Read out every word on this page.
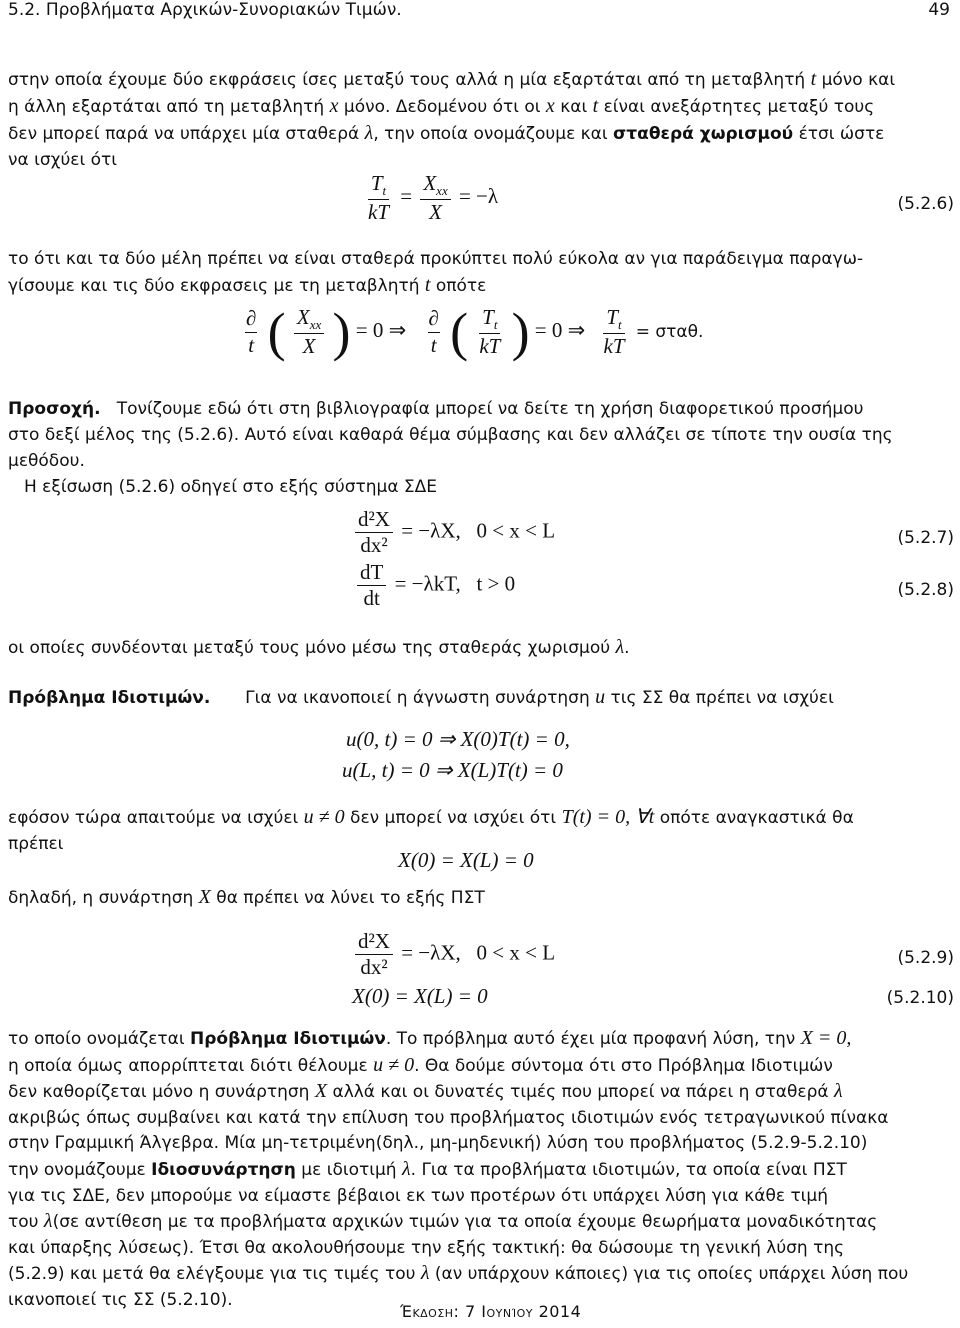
5.2. Προβλήματα Αρχικών-Συνοριακών Τιμών.	49
στην οποία έχουμε δύο εκφράσεις ίσες μεταξύ τους αλλά η μία εξαρτάται από τη μεταβλητή t μόνο και
η άλλη εξαρτάται από τη μεταβλητή x μόνο. Δεδομένου ότι οι x και t είναι ανεξάρτητες μεταξύ τους
δεν μπορεί παρά να υπάρχει μία σταθερά λ, την οποία ονομάζουμε και σταθερά χωρισμού έτσι ώστε
να ισχύει ότι
$\frac{T_t}{kT} = \frac{X_{xx}}{X} = -\lambda$	(5.2.6)
το ότι και τα δύο μέλη πρέπει να είναι σταθερά προκύπτει πολύ εύκολα αν για παράδειγμα παραγω-
γίσουμε και τις δύο εκφρασεις με τη μεταβλητή t οπότε
$\frac{\partial}{t}$ ( $\frac{X_{xx}}{X}$ ) = 0 ⇒ $\frac{\partial}{t}$ ( $\frac{T_t}{kT}$ ) = 0 ⇒ $\frac{T_t}{kT} = \sigma\tau\alpha\theta$.
Προσοχή. Τονίζουμε εδώ ότι στη βιβλιογραφία μπορεί να δείτε τη χρήση διαφορετικού προσήμου
στο δεξί μέλος της (5.2.6). Αυτό είναι καθαρά θέμα σύμβασης και δεν αλλάζει σε τίποτε την ουσία της
μεθόδου.
Η εξίσωση (5.2.6) οδηγεί στο εξής σύστημα ΣΔΕ
$\frac{\text{d²X}}{\text{dx²}} = -\lambda X$,   0 < x < L	(5.2.7)
$\frac{dT}{dt} = -\lambda kT$,   t > 0	(5.2.8)
οι οποίες συνδέονται μεταξύ τους μόνο μέσω της σταθεράς χωρισμού λ.
Πρόβλημα Ιδιοτιμών. Για να ικανοποιεί η άγνωστη συνάρτηση u τις ΣΣ θα πρέπει να ισχύει
u(0, t) = 0 ⇒ X(0)T(t) = 0,
u(L, t) = 0 ⇒ X(L)T(t) = 0
εφόσον τώρα απαιτούμε να ισχύει u ≠ 0 δεν μπορεί να ισχύει ότι T(t) = 0, ∀t οπότε αναγκαστικά θα
πρέπει
X(0) = X(L) = 0
δηλαδή, η συνάρτηση X θα πρέπει να λύνει το εξής ΠΣΤ
$\frac{\text{d²X}}{\text{dx²}} = -\lambda X$,   0 < x < L	(5.2.9)
X(0) = X(L) = 0	(5.2.10)
το οποίο ονομάζεται Πρόβλημα Ιδιοτιμών. Το πρόβλημα αυτό έχει μία προφανή λύση, την X = 0,
η οποία όμως απορρίπτεται διότι θέλουμε u ≠ 0. Θα δούμε σύντομα ότι στο Πρόβλημα Ιδιοτιμών
δεν καθορίζεται μόνο η συνάρτηση X αλλά και οι δυνατές τιμές που μπορεί να πάρει η σταθερά λ
ακριβώς όπως συμβαίνει και κατά την επίλυση του προβλήματος ιδιοτιμών ενός τετραγωνικού πίνακα
στην Γραμμική Άλγεβρα. Μία μη-τετριμένη(δηλ., μη-μηδενική) λύση του προβλήματος (5.2.9-5.2.10)
την ονομάζουμε Ιδιοσυνάρτηση με ιδιοτιμή λ. Για τα προβλήματα ιδιοτιμών, τα οποία είναι ΠΣΤ
για τις ΣΔΕ, δεν μπορούμε να είμαστε βέβαιοι εκ των προτέρων ότι υπάρχει λύση για κάθε τιμή
του λ(σε αντίθεση με τα προβλήματα αρχικών τιμών για τα οποία έχουμε θεωρήματα μοναδικότητας
και ύπαρξης λύσεως). Έτσι θα ακολουθήσουμε την εξής τακτική: θα δώσουμε τη γενική λύση της
(5.2.9) και μετά θα ελέγξουμε για τις τιμές του λ (αν υπάρχουν κάποιες) για τις οποίες υπάρχει λύση που
ικανοποιεί τις ΣΣ (5.2.10).
Έκδοση: 7 Ιουνίου 2014
